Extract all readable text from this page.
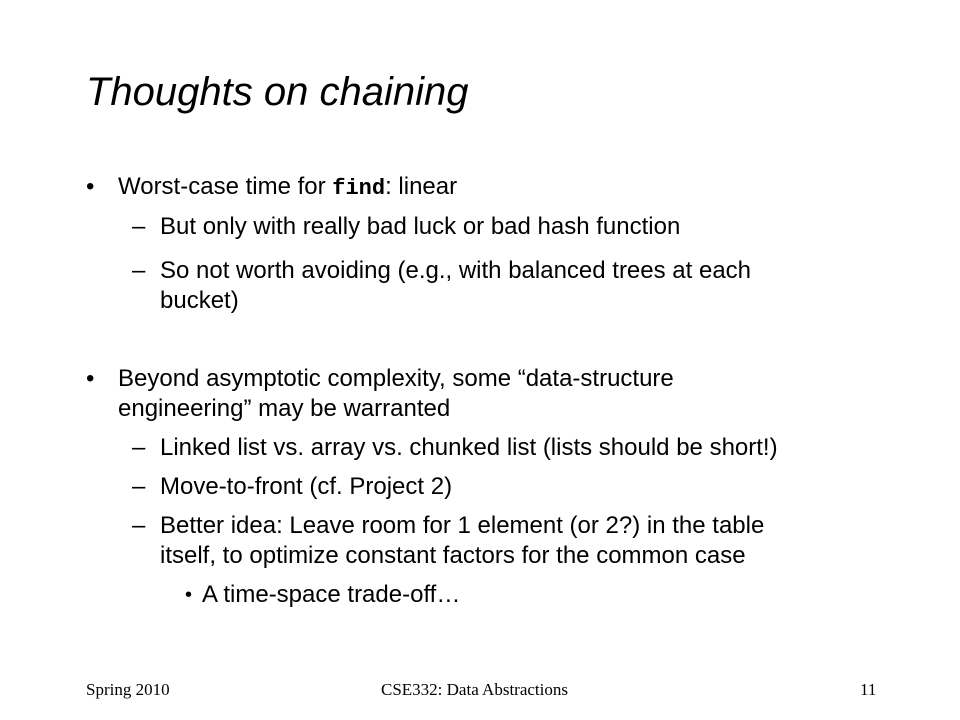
Thoughts on chaining
• Worst-case time for find: linear
– But only with really bad luck or bad hash function
– So not worth avoiding (e.g., with balanced trees at each
bucket)
• Beyond asymptotic complexity, some “data-structure
engineering” may be warranted
– Linked list vs. array vs. chunked list (lists should be short!)
– Move-to-front (cf. Project 2)
– Better idea: Leave room for 1 element (or 2?) in the table
itself, to optimize constant factors for the common case
• A time-space trade-off…
Spring 2010	CSE332: Data Abstractions	11
